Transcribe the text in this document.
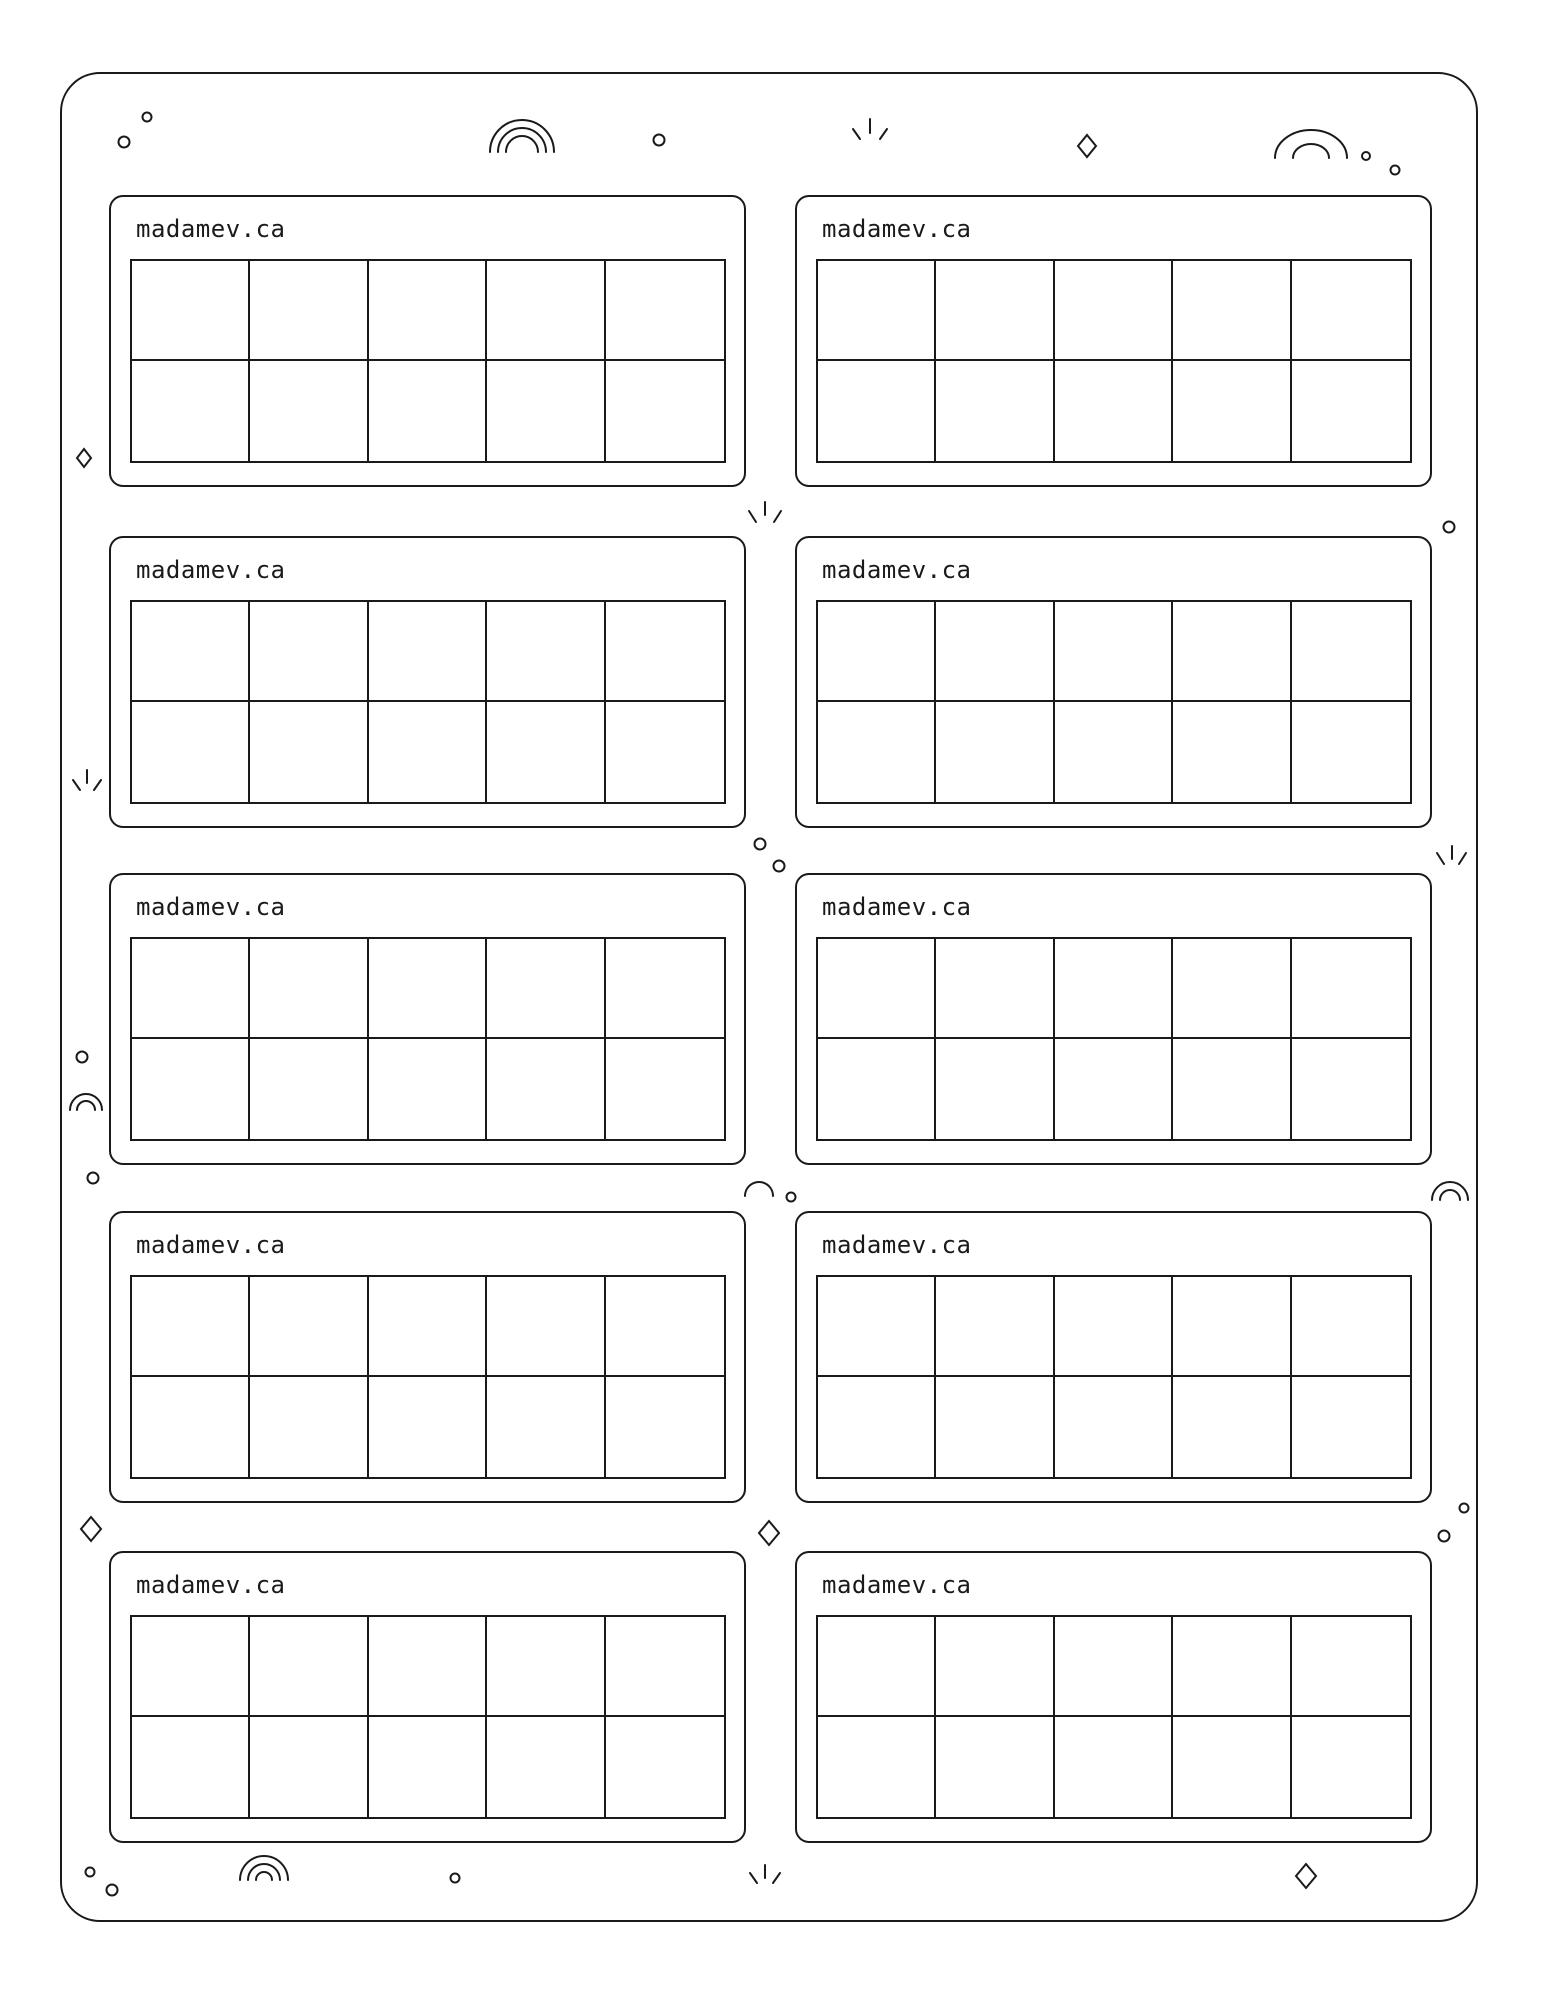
madamev.ca	madamev.ca
madamev.ca	madamev.ca
madamev.ca	madamev.ca
madamev.ca	madamev.ca
madamev.ca	madamev.ca
